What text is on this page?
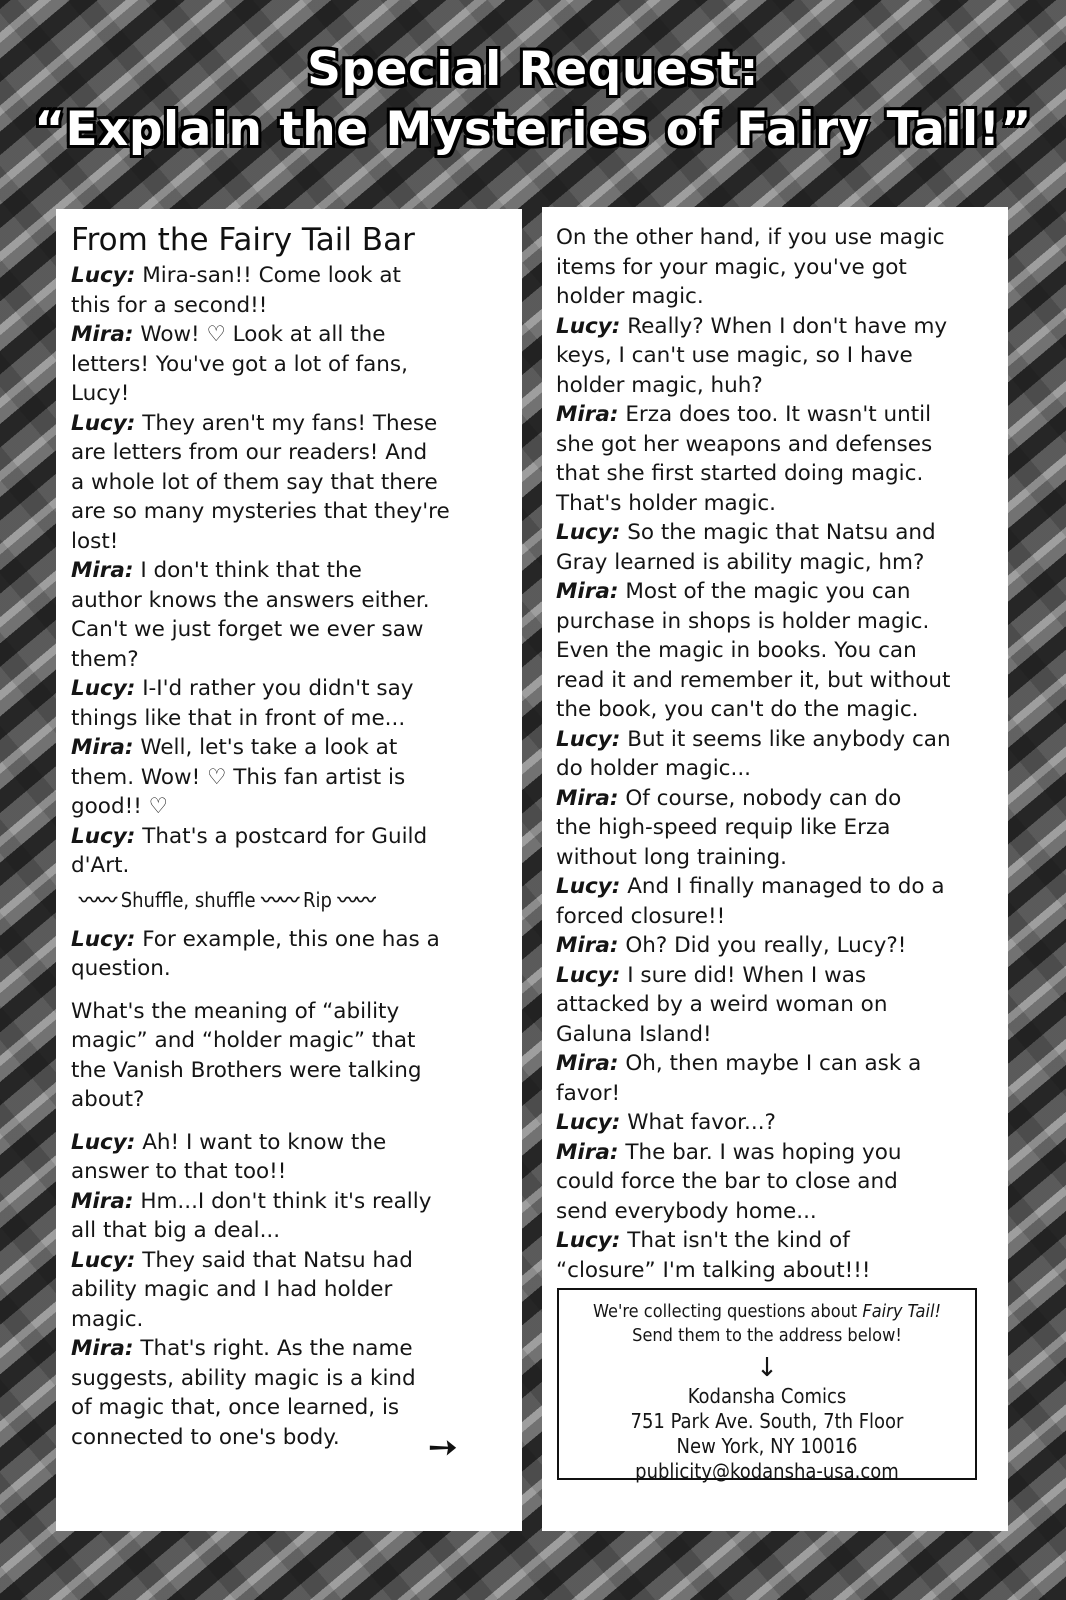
Special Request:
“Explain the Mysteries of Fairy Tail!”
From the Fairy Tail Bar
Lucy: Mira-san!! Come look at
this for a second!!
Mira: Wow! ♡ Look at all the
letters! You've got a lot of fans,
Lucy!
Lucy: They aren't my fans! These
are letters from our readers! And
a whole lot of them say that there
are so many mysteries that they're
lost!
Mira: I don't think that the
author knows the answers either.
Can't we just forget we ever saw
them?
Lucy: I-I'd rather you didn't say
things like that in front of me...
Mira: Well, let's take a look at
them. Wow! ♡ This fan artist is
good!! ♡
Lucy: That's a postcard for Guild
d'Art.
〰〰 Shuffle, shuffle 〰〰 Rip 〰〰
Lucy: For example, this one has a
question.
What's the meaning of “ability
magic” and “holder magic” that
the Vanish Brothers were talking
about?
Lucy: Ah! I want to know the
answer to that too!!
Mira: Hm...I don't think it's really
all that big a deal...
Lucy: They said that Natsu had
ability magic and I had holder
magic.
Mira: That's right. As the name
suggests, ability magic is a kind
of magic that, once learned, is
connected to one's body.	➚
On the other hand, if you use magic
items for your magic, you've got
holder magic.
Lucy: Really? When I don't have my
keys, I can't use magic, so I have
holder magic, huh?
Mira: Erza does too. It wasn't until
she got her weapons and defenses
that she first started doing magic.
That's holder magic.
Lucy: So the magic that Natsu and
Gray learned is ability magic, hm?
Mira: Most of the magic you can
purchase in shops is holder magic.
Even the magic in books. You can
read it and remember it, but without
the book, you can't do the magic.
Lucy: But it seems like anybody can
do holder magic...
Mira: Of course, nobody can do
the high-speed requip like Erza
without long training.
Lucy: And I finally managed to do a
forced closure!!
Mira: Oh? Did you really, Lucy?!
Lucy: I sure did! When I was
attacked by a weird woman on
Galuna Island!
Mira: Oh, then maybe I can ask a
favor!
Lucy: What favor...?
Mira: The bar. I was hoping you
could force the bar to close and
send everybody home...
Lucy: That isn't the kind of
“closure” I'm talking about!!!
We're collecting questions about Fairy Tail!
Send them to the address below!
↓
Kodansha Comics
751 Park Ave. South, 7th Floor
New York, NY 10016
publicity@kodansha-usa.com
